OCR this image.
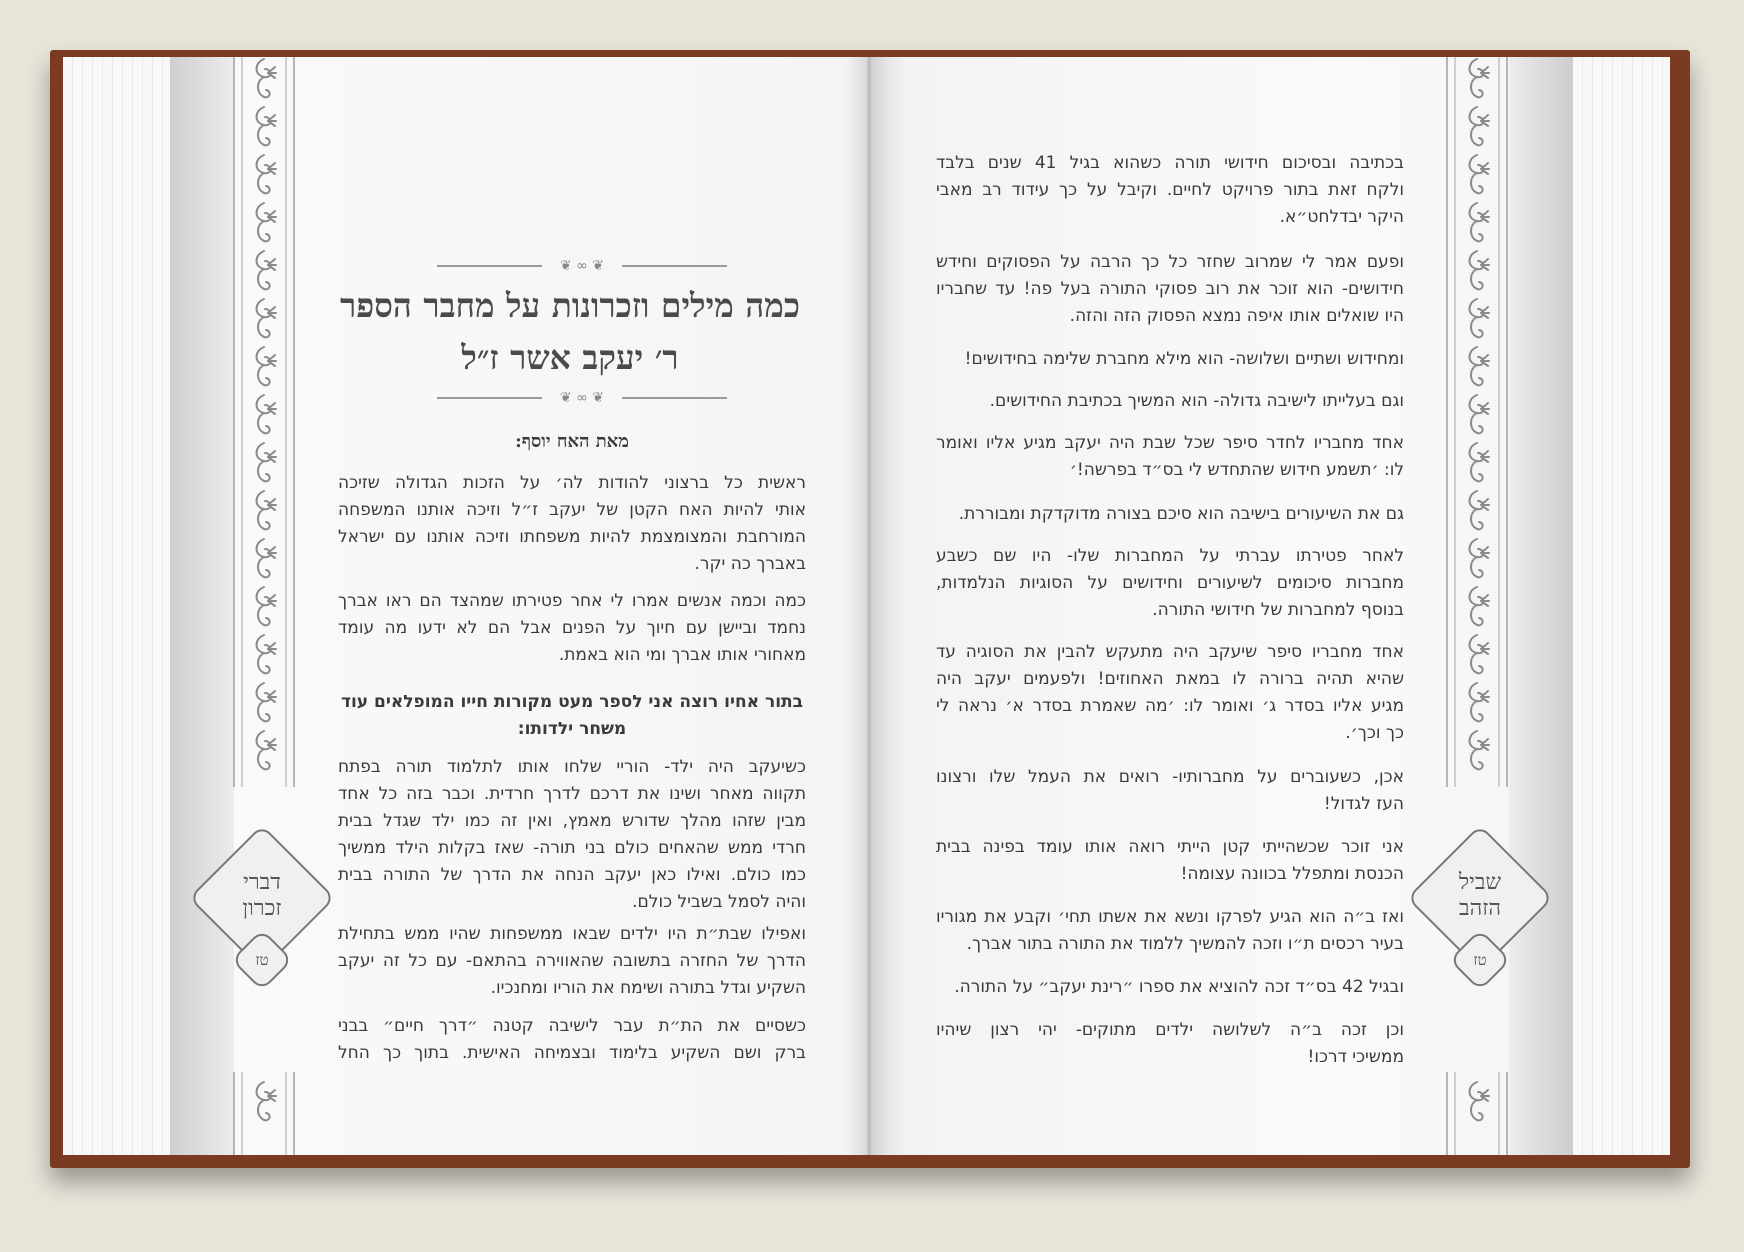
❦ ∞ ❦
כמה מילים וזכרונות על מחבר הספר
ר׳ יעקב אשר ז״ל
❦ ∞ ❦
מאת האח יוסף:
ראשית כל ברצוני להודות לה׳ על הזכות הגדולה שזיכה
אותי להיות האח הקטן של יעקב ז״ל וזיכה אותנו המשפחה
המורחבת והמצומצמת להיות משפחתו וזיכה אותנו עם ישראל
באברך כה יקר.
כמה וכמה אנשים אמרו לי אחר פטירתו שמהצד הם ראו אברך
נחמד וביישן עם חיוך על הפנים אבל הם לא ידעו מה עומד
מאחורי אותו אברך ומי הוא באמת.
בתור אחיו רוצה אני לספר מעט מקורות חייו המופלאים עוד
משחר ילדותו:
כשיעקב היה ילד- הוריי שלחו אותו לתלמוד תורה בפתח
תקווה מאחר ושינו את דרכם לדרך חרדית. וכבר בזה כל אחד
מבין שזהו מהלך שדורש מאמץ, ואין זה כמו ילד שגדל בבית
חרדי ממש שהאחים כולם בני תורה- שאז בקלות הילד ממשיך
כמו כולם. ואילו כאן יעקב הנחה את הדרך של התורה בבית
והיה לסמל בשביל כולם.
ואפילו שבת״ת היו ילדים שבאו ממשפחות שהיו ממש בתחילת
הדרך של החזרה בתשובה שהאווירה בהתאם- עם כל זה יעקב
השקיע וגדל בתורה ושימח את הוריו ומחנכיו.
כשסיים את הת״ת עבר לישיבה קטנה ״דרך חיים״ בבני
ברק ושם השקיע בלימוד ובצמיחה האישית. בתוך כך החל
בכתיבה ובסיכום חידושי תורה כשהוא בגיל 41 שנים בלבד
ולקח זאת בתור פרויקט לחיים. וקיבל על כך עידוד רב מאבי
היקר יבדלחט״א.
ופעם אמר לי שמרוב שחזר כל כך הרבה על הפסוקים וחידש
חידושים- הוא זוכר את רוב פסוקי התורה בעל פה! עד שחבריו
היו שואלים אותו איפה נמצא הפסוק הזה והזה.
ומחידוש ושתיים ושלושה- הוא מילא מחברת שלימה בחידושים!
וגם בעלייתו לישיבה גדולה- הוא המשיך בכתיבת החידושים.
אחד מחבריו לחדר סיפר שכל שבת היה יעקב מגיע אליו ואומר
לו: ׳תשמע חידוש שהתחדש לי בס״ד בפרשה!׳
גם את השיעורים בישיבה הוא סיכם בצורה מדוקדקת ומבוררת.
לאחר פטירתו עברתי על המחברות שלו- היו שם כשבע
מחברות סיכומים לשיעורים וחידושים על הסוגיות הנלמדות,
בנוסף למחברות של חידושי התורה.
אחד מחבריו סיפר שיעקב היה מתעקש להבין את הסוגיה עד
שהיא תהיה ברורה לו במאת האחוזים! ולפעמים יעקב היה
מגיע אליו בסדר ג׳ ואומר לו: ׳מה שאמרת בסדר א׳ נראה לי
כך וכך׳.
אכן, כשעוברים על מחברותיו- רואים את העמל שלו ורצונו
העז לגדול!
אני זוכר שכשהייתי קטן הייתי רואה אותו עומד בפינה בבית
הכנסת ומתפלל בכוונה עצומה!
ואז ב״ה הוא הגיע לפרקו ונשא את אשתו תחי׳ וקבע את מגוריו
בעיר רכסים ת״ו וזכה להמשיך ללמוד את התורה בתור אברך.
ובגיל 42 בס״ד זכה להוציא את ספרו ״רינת יעקב״ על התורה.
וכן זכה ב״ה לשלושה ילדים מתוקים- יהי רצון שיהיו
ממשיכי דרכו!
דברי
זכרון
טז
שביל
הזהב
טז
